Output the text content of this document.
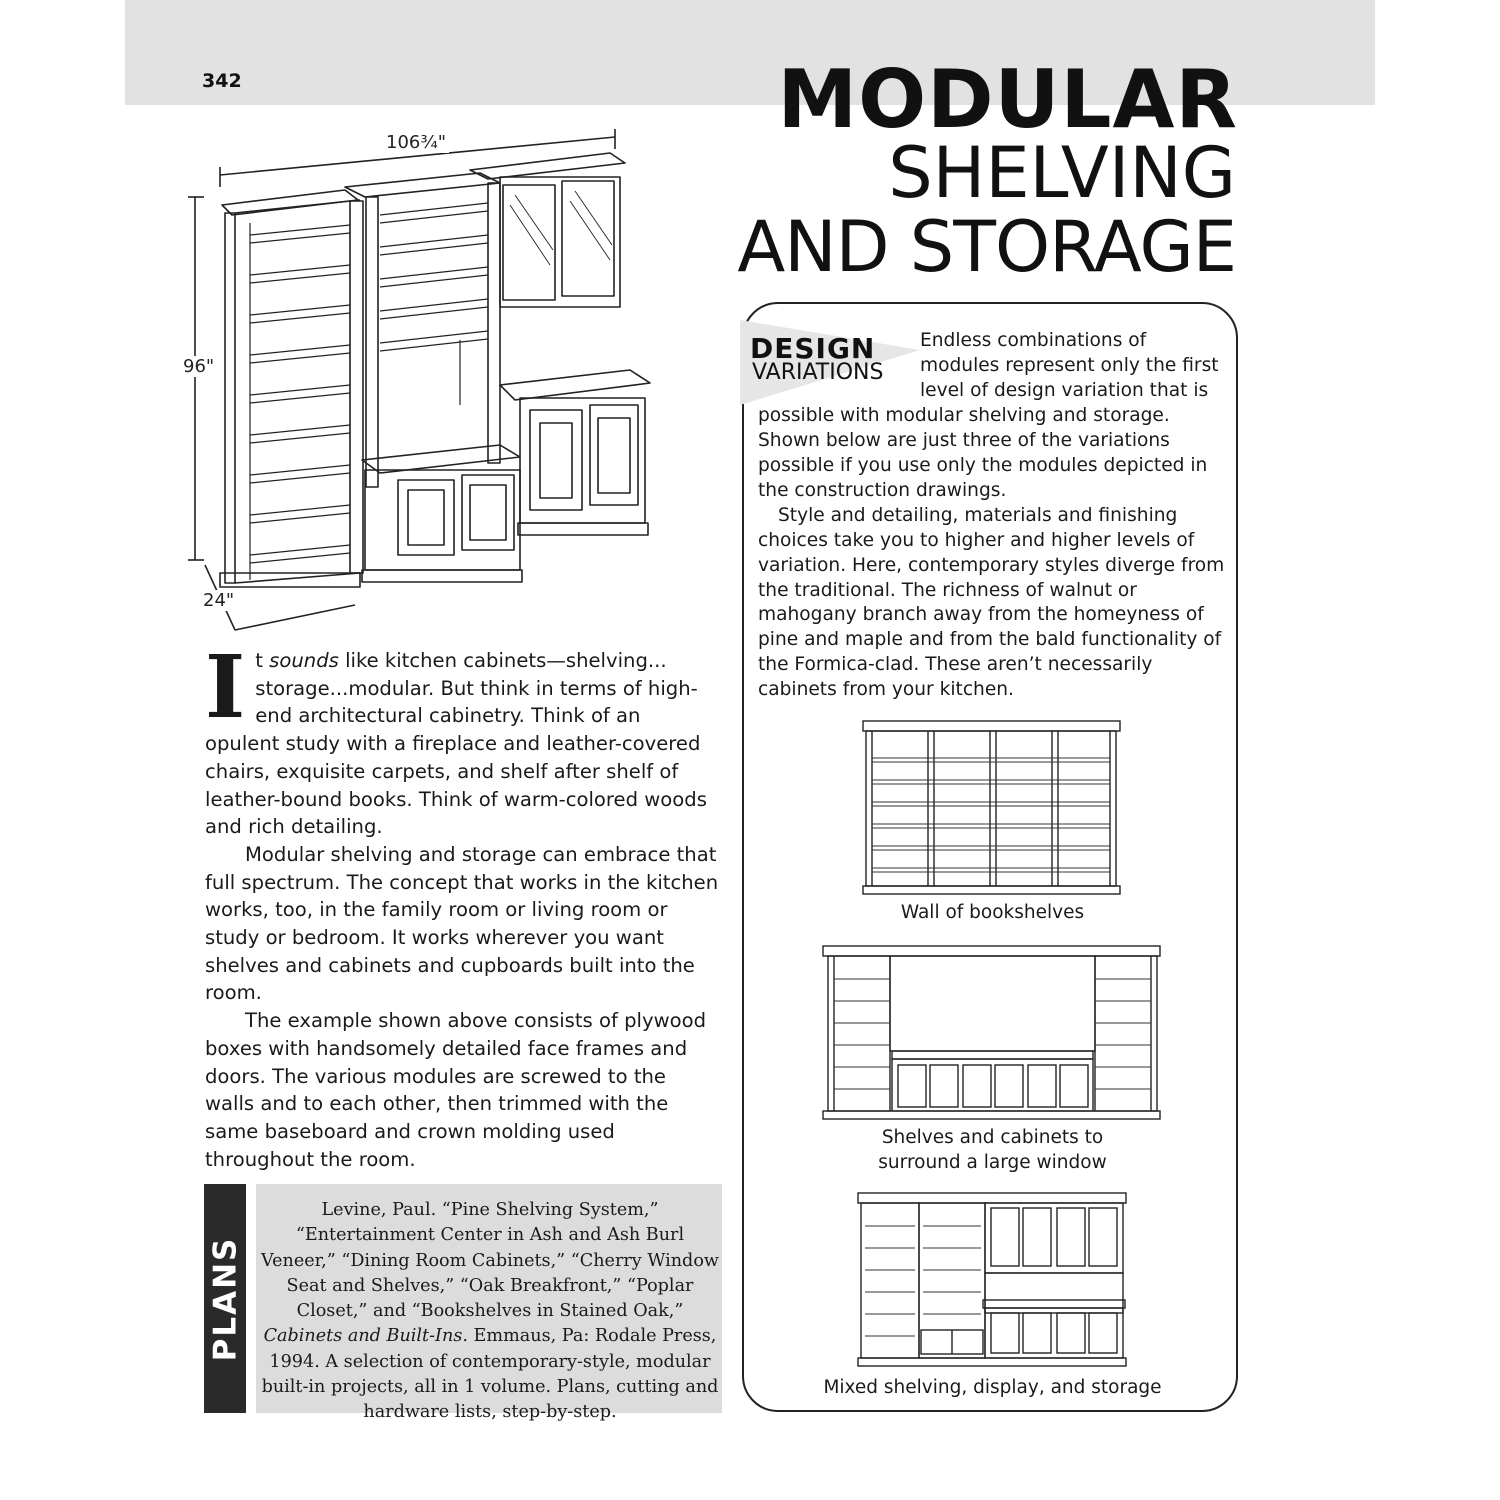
342	MODULAR
SHELVING
AND STORAGE
106¾"
96"
24"

It sounds like kitchen cabinets—shelving... storage...modular. But think in terms of high-end architectural cabinetry. Think of an opulent study with a fireplace and leather-covered chairs, exquisite carpets, and shelf after shelf of leather-bound books. Think of warm-colored woods and rich detailing.

Modular shelving and storage can embrace that full spectrum. The concept that works in the kitchen works, too, in the family room or living room or study or bedroom. It works wherever you want shelves and cabinets and cupboards built into the room.

The example shown above consists of plywood boxes with handsomely detailed face frames and doors. The various modules are screwed to the walls and to each other, then trimmed with the same baseboard and crown molding used throughout the room.

PLANS
Levine, Paul. “Pine Shelving System,” “Entertainment Center in Ash and Ash Burl Veneer,” “Dining Room Cabinets,” “Cherry Window Seat and Shelves,” “Oak Breakfront,” “Poplar Closet,” and “Bookshelves in Stained Oak,” Cabinets and Built-Ins. Emmaus, Pa: Rodale Press, 1994. A selection of contemporary-style, modular built-in projects, all in 1 volume. Plans, cutting and hardware lists, step-by-step.
DESIGN
VARIATIONS

Endless combinations of modules represent only the first level of design variation that is possible with modular shelving and storage. Shown below are just three of the variations possible if you use only the modules depicted in the construction drawings.

Style and detailing, materials and finishing choices take you to higher and higher levels of variation. Here, contemporary styles diverge from the traditional. The richness of walnut or mahogany branch away from the homeyness of pine and maple and from the bald functionality of the Formica-clad. These aren’t necessarily cabinets from your kitchen.

Wall of bookshelves
Shelves and cabinets to
surround a large window
Mixed shelving, display, and storage
